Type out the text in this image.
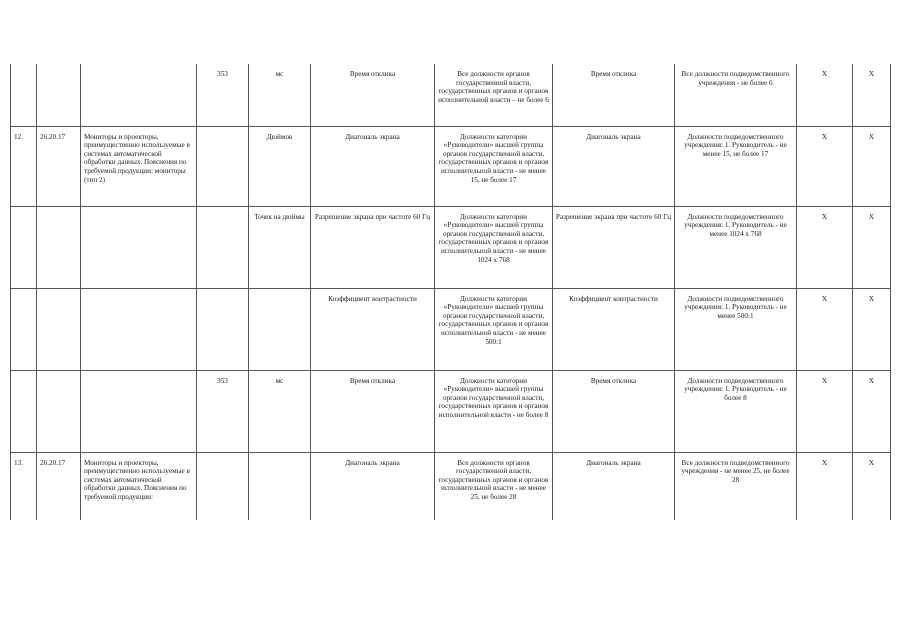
			353	мс	Время отклика	Все должности органов государственной власти, государственных органов и органов исполнительной власти – не более 6	Время отклика	Все должности подведомственного учреждения - не более 6	X	X
12.	26.20.17	Мониторы и проекторы, преимущественно используемые в системах автоматической обработки данных. Пояснения по требуемой продукции: мониторы (тип 2)		Дюймов	Диагональ экрана	Должности категории «Руководители» высшей группы органов государственной власти, государственных органов и органов исполнительной власти - не менее 15, не более 17	Диагональ экрана	Должности подведомственного учреждения: 1. Руководитель - не менее 15, не более 17	X	X
				Точек на дюймы	Разрешение экрана при частоте 60 Гц	Должности категории «Руководители» высшей группы органов государственной власти, государственных органов и органов исполнительной власти - не менее 1024 х 768	Разрешение экрана при частоте 60 Гц	Должности подведомственного учреждения: 1. Руководитель - не менее 1024 х 768	X	X
					Коэффициент контрастности	Должности категории «Руководители» высшей группы органов государственной власти, государственных органов и органов исполнительной власти - не менее 500:1	Коэффициент контрастности	Должности подведомственного учреждения: 1. Руководитель - не менее 500:1	X	X
			353	мс	Время отклика	Должности категории «Руководители» высшей группы органов государственной власти, государственных органов и органов исполнительной власти - не более 8	Время отклика	Должности подведомственного учреждения: 1. Руководитель - не более 8	X	X
13.	26.20.17	Мониторы и проекторы, преимущественно используемые в системах автоматической обработки данных. Пояснения по требуемой продукции:			Диагональ экрана	Все должности органов государственной власти, государственных органов и органов исполнительной власти - не менее 25, не более 28	Диагональ экрана	Все должности подведомственного учреждения - не менее 25, не более 28	X	X
